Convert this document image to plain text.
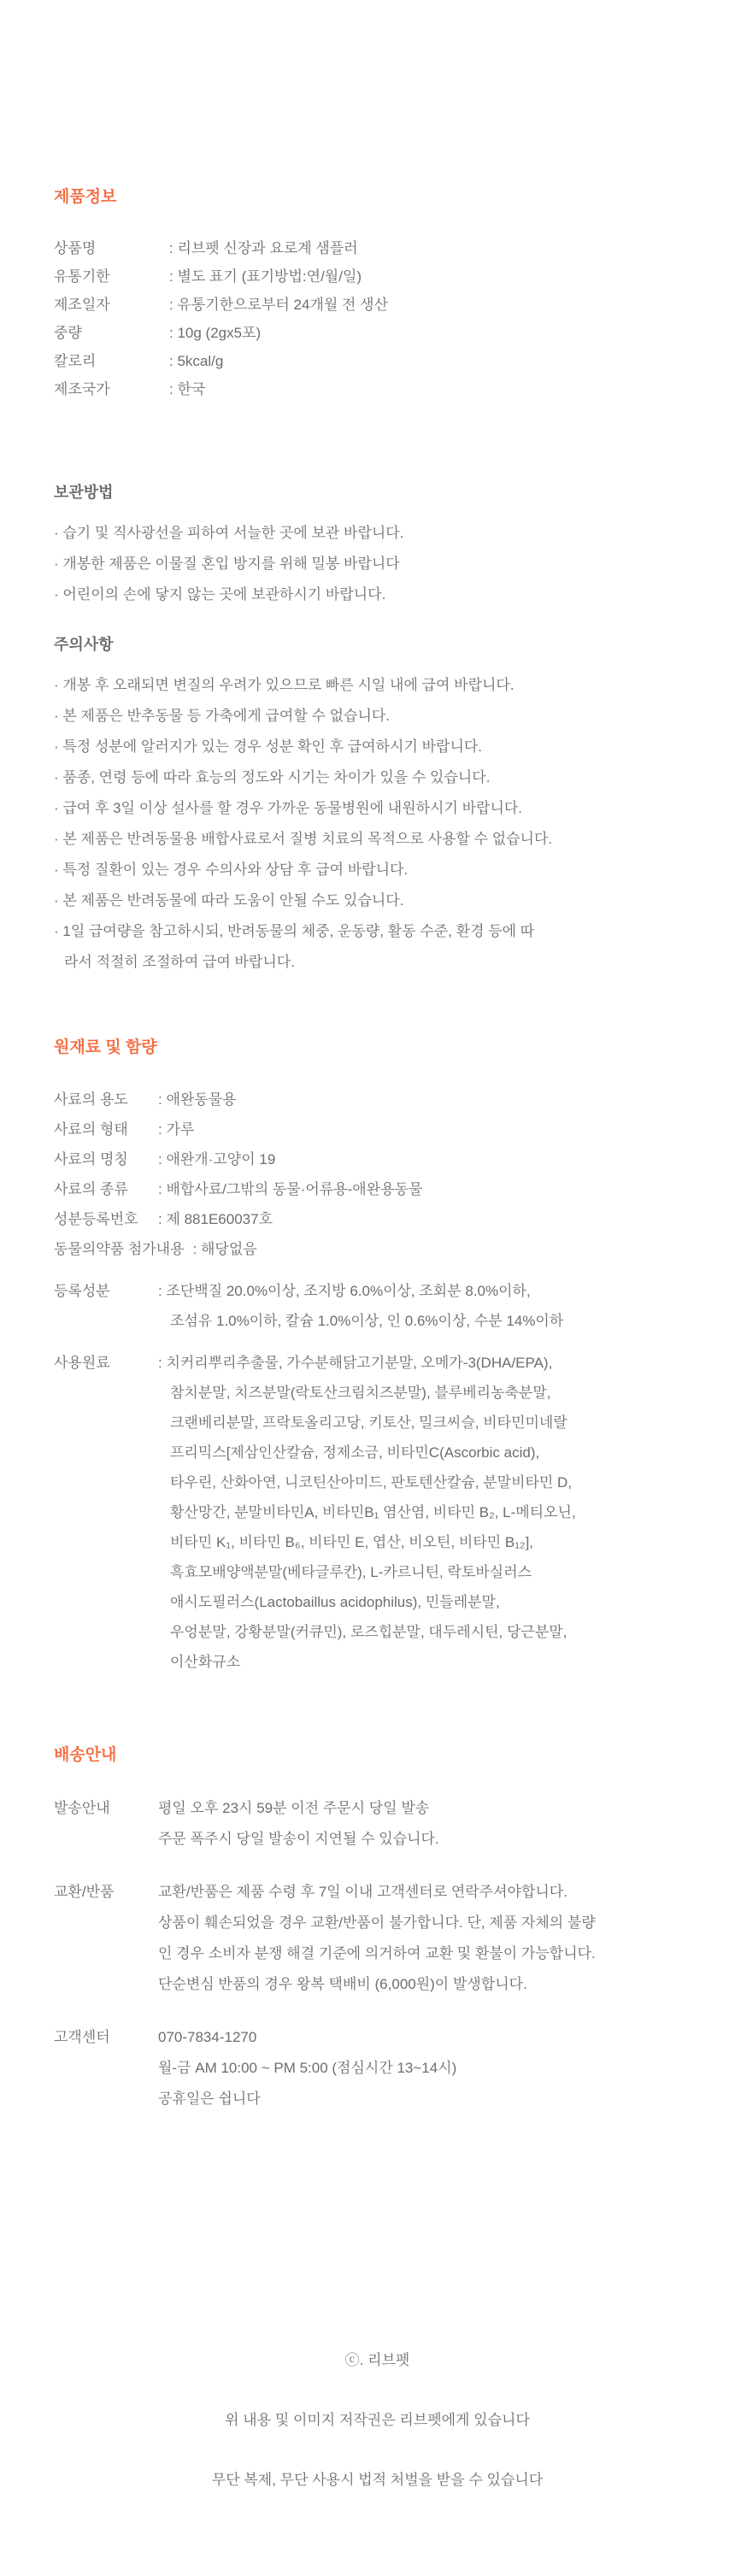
제품정보
상품명	: 리브펫 신장과 요로계 샘플러
유통기한	: 별도 표기 (표기방법:연/월/일)
제조일자	: 유통기한으로부터 24개월 전 생산
중량	: 10g (2gx5포)
칼로리	: 5kcal/g
제조국가	: 한국
보관방법
· 습기 및 직사광선을 피하여 서늘한 곳에 보관 바랍니다.
· 개봉한 제품은 이물질 혼입 방지를 위해 밀봉 바랍니다
· 어린이의 손에 닿지 않는 곳에 보관하시기 바랍니다.
주의사항
· 개봉 후 오래되면 변질의 우려가 있으므로 빠른 시일 내에 급여 바랍니다.
· 본 제품은 반추동물 등 가축에게 급여할 수 없습니다.
· 특정 성분에 알러지가 있는 경우 성분 확인 후 급여하시기 바랍니다.
· 품종, 연령 등에 따라 효능의 정도와 시기는 차이가 있을 수 있습니다.
· 급여 후 3일 이상 설사를 할 경우 가까운 동물병원에 내원하시기 바랍니다.
· 본 제품은 반려동물용 배합사료로서 질병 치료의 목적으로 사용할 수 없습니다.
· 특정 질환이 있는 경우 수의사와 상담 후 급여 바랍니다.
· 본 제품은 반려동물에 따라 도움이 안될 수도 있습니다.
· 1일 급여량을 참고하시되, 반려동물의 체중, 운동량, 활동 수준, 환경 등에 따
라서 적절히 조절하여 급여 바랍니다.
원재료 및 함량
사료의 용도	: 애완동물용
사료의 형태	: 가루
사료의 명칭	: 애완개·고양이 19
사료의 종류	: 배합사료/그밖의 동물·어류용-애완용동물
성분등록번호	: 제 881E60037호
동물의약품 첨가내용 : 해당없음
등록성분	: 조단백질 20.0%이상, 조지방 6.0%이상, 조회분 8.0%이하,
조섬유 1.0%이하, 칼슘 1.0%이상, 인 0.6%이상, 수분 14%이하
사용원료	: 치커리뿌리추출물, 가수분해닭고기분말, 오메가-3(DHA/EPA),
참치분말, 치즈분말(락토산크림치즈분말), 블루베리농축분말,
크랜베리분말, 프락토올리고당, 키토산, 밀크씨슬, 비타민미네랄
프리믹스[제삼인산칼슘, 정제소금, 비타민C(Ascorbic acid),
타우린, 산화아연, 니코틴산아미드, 판토텐산칼슘, 분말비타민 D,
황산망간, 분말비타민A, 비타민B₁ 염산염, 비타민 B₂, L-메티오닌,
비타민 K₁, 비타민 B₆, 비타민 E, 엽산, 비오틴, 비타민 B₁₂],
흑효모배양액분말(베타글루칸), L-카르니틴, 락토바실러스
애시도필러스(Lactobaillus acidophilus), 민들레분말,
우엉분말, 강황분말(커큐민), 로즈힙분말, 대두레시틴, 당근분말,
이산화규소
배송안내
발송안내	평일 오후 23시 59분 이전 주문시 당일 발송
주문 폭주시 당일 발송이 지연될 수 있습니다.
교환/반품	교환/반품은 제품 수령 후 7일 이내 고객센터로 연락주셔야합니다.
상품이 훼손되었을 경우 교환/반품이 불가합니다. 단, 제품 자체의 불량
인 경우 소비자 분쟁 해결 기준에 의거하여 교환 및 환불이 가능합니다.
단순변심 반품의 경우 왕복 택배비 (6,000원)이 발생합니다.
고객센터	070-7834-1270
월-금 AM 10:00 ~ PM 5:00 (점심시간 13~14시)
공휴일은 쉽니다

ⓒ. 리브펫

위 내용 및 이미지 저작권은 리브펫에게 있습니다

무단 복제, 무단 사용시 법적 처벌을 받을 수 있습니다
